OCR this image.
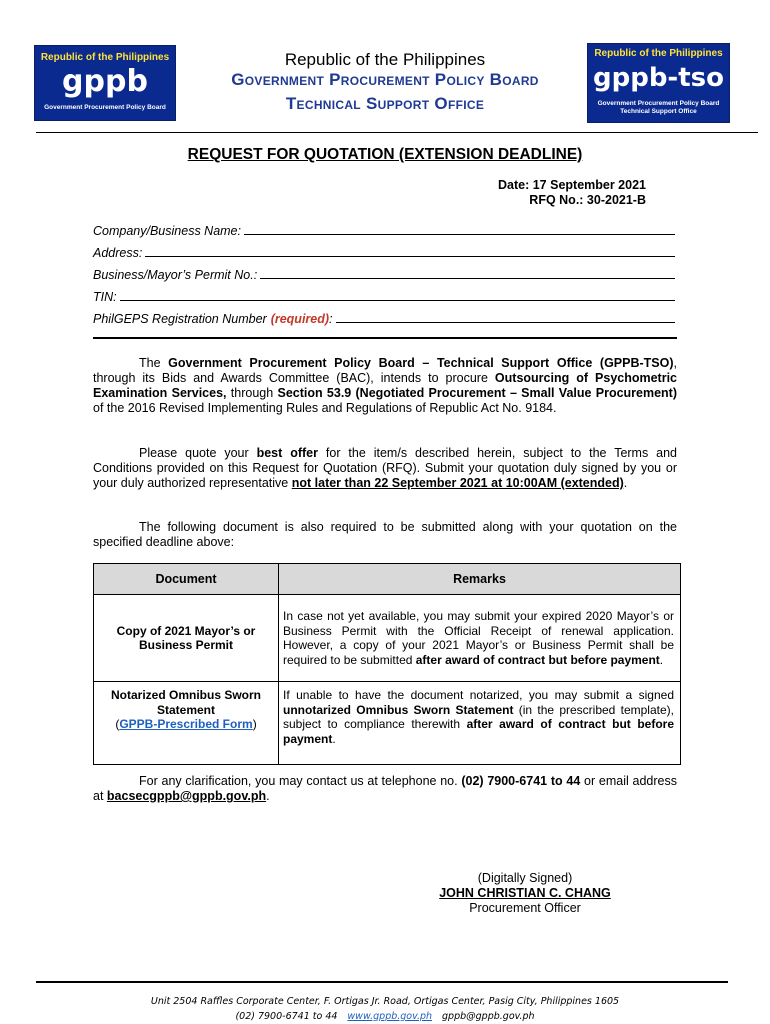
Republic of the Philippines
gppb
Government Procurement Policy Board
Republic of the Philippines
gppb-tso
Government Procurement Policy Board
Technical Support Office
Republic of the Philippines
Government Procurement Policy Board
Technical Support Office
REQUEST FOR QUOTATION (EXTENSION DEADLINE)
Date: 17 September 2021
RFQ No.: 30-2021-B
Company/Business Name:
Address:
Business/Mayor’s Permit No.:
TIN:
PhilGEPS Registration Number (required) :
The Government Procurement Policy Board – Technical Support Office (GPPB-TSO), through its Bids and Awards Committee (BAC), intends to procure Outsourcing of Psychometric Examination Services, through Section 53.9 (Negotiated Procurement – Small Value Procurement) of the 2016 Revised Implementing Rules and Regulations of Republic Act No. 9184.
Please quote your best offer for the item/s described herein, subject to the Terms and Conditions provided on this Request for Quotation (RFQ). Submit your quotation duly signed by you or your duly authorized representative not later than 22 September 2021 at 10:00AM (extended).
The following document is also required to be submitted along with your quotation on the specified deadline above:
Document	Remarks
Copy of 2021 Mayor’s or Business Permit	In case not yet available, you may submit your expired 2020 Mayor’s or Business Permit with the Official Receipt of renewal application. However, a copy of your 2021 Mayor’s or Business Permit shall be required to be submitted after award of contract but before payment.
Notarized Omnibus Sworn Statement
(GPPB-Prescribed Form)	If unable to have the document notarized, you may submit a signed unnotarized Omnibus Sworn Statement (in the prescribed template), subject to compliance therewith after award of contract but before payment.
For any clarification, you may contact us at telephone no. (02) 7900-6741 to 44 or email address at bacsecgppb@gppb.gov.ph.
(Digitally Signed)
JOHN CHRISTIAN C. CHANG
Procurement Officer
Unit 2504 Raffles Corporate Center, F. Ortigas Jr. Road, Ortigas Center, Pasig City, Philippines 1605
(02) 7900-6741 to 44 www.gppb.gov.ph gppb@gppb.gov.ph
